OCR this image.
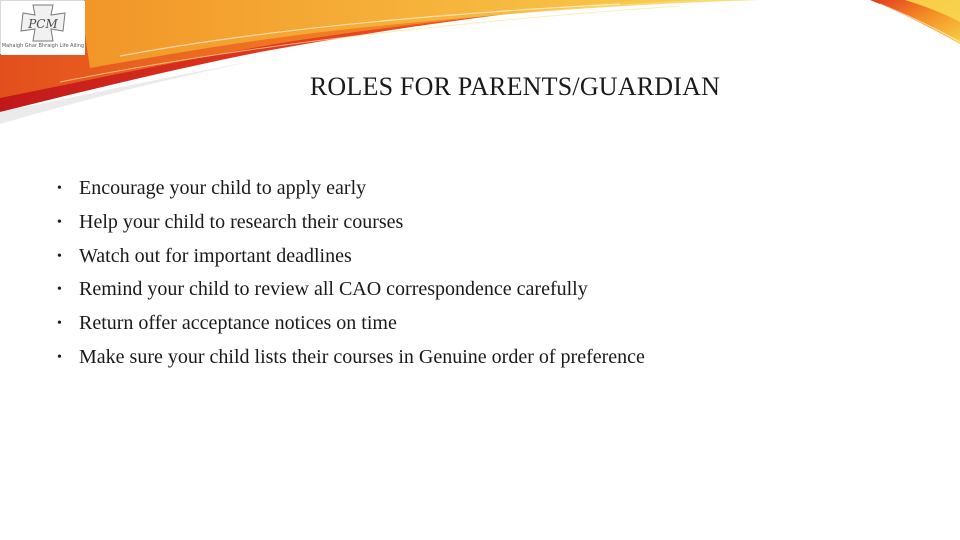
PCM
Mahaigh Ghar Bhraigh Life Ailing
ROLES FOR PARENTS/GUARDIAN
• Encourage your child to apply early
• Help your child to research their courses
• Watch out for important deadlines
• Remind your child to review all CAO correspondence carefully
• Return offer acceptance notices on time
• Make sure your child lists their courses in Genuine order of preference
